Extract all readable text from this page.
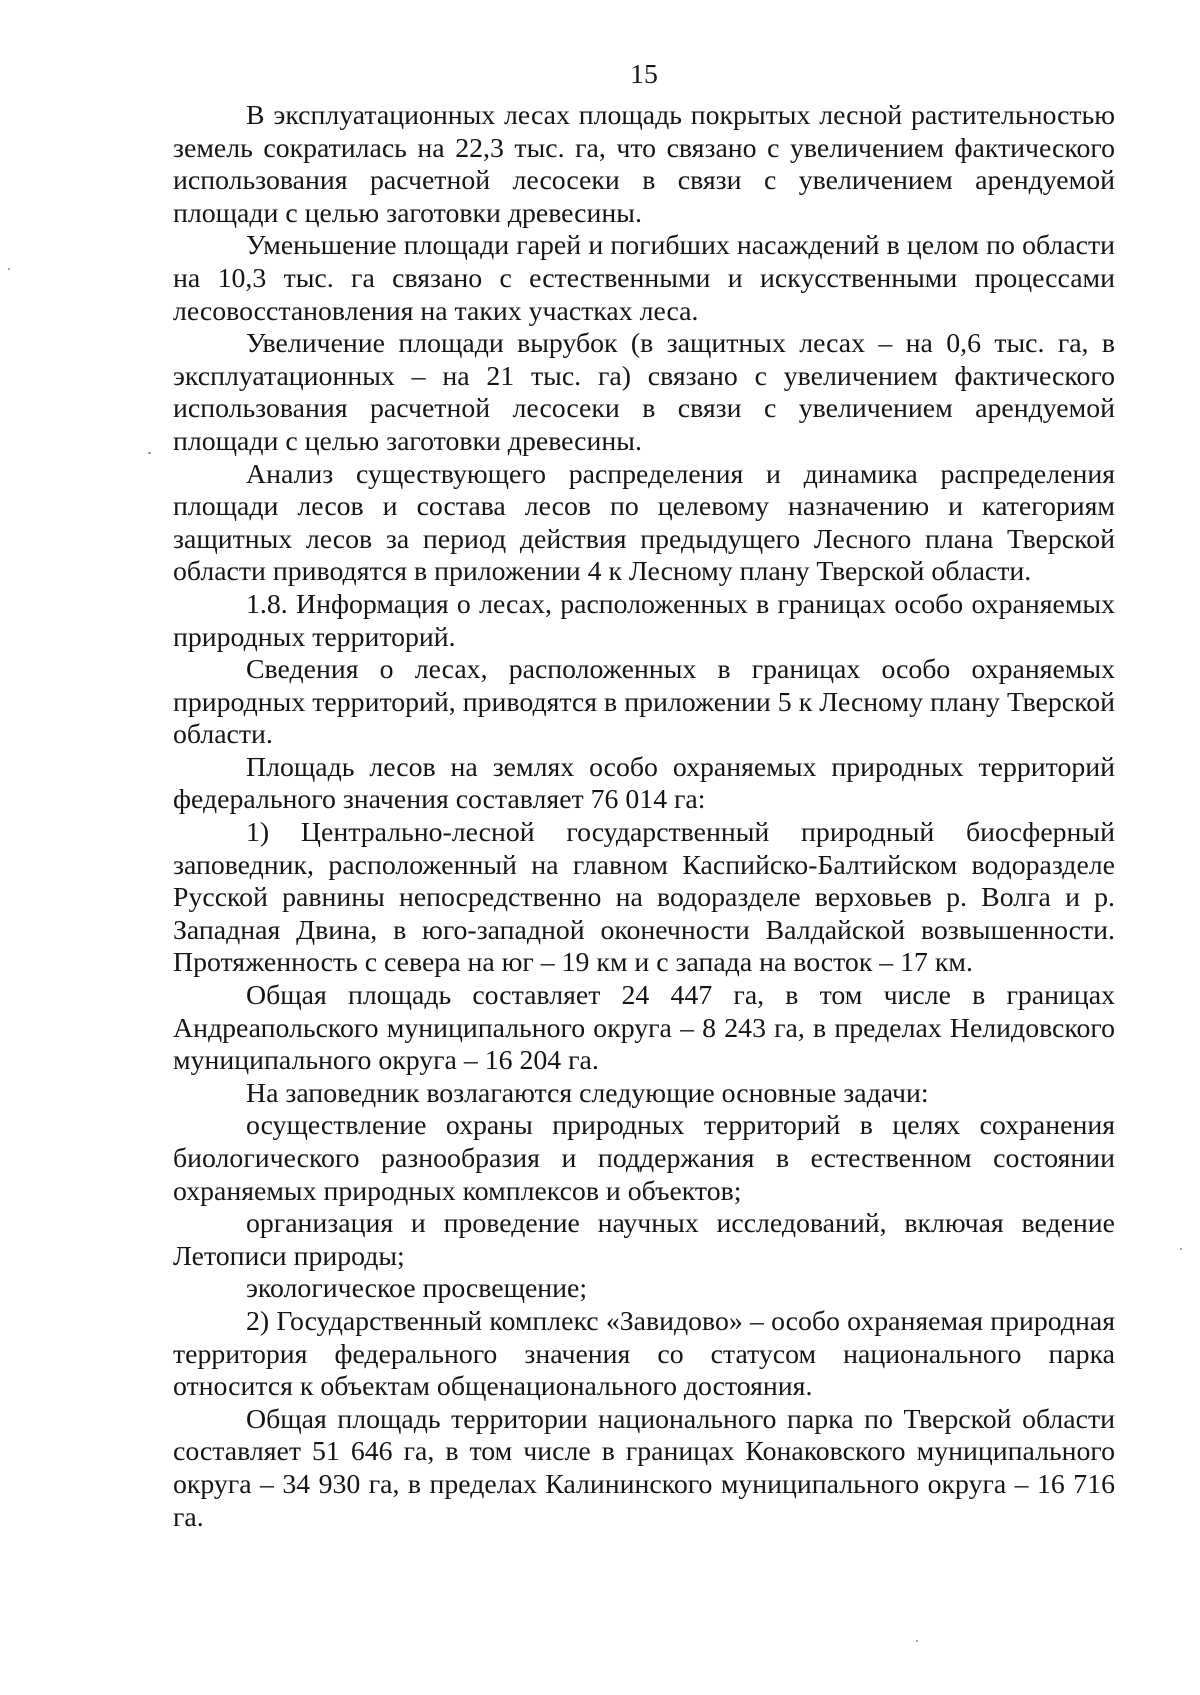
15

В эксплуатационных лесах площадь покрытых лесной растительностью земель сократилась на 22,3 тыс. га, что связано с увеличением фактического использования расчетной лесосеки в связи с увеличением арендуемой площади с целью заготовки древесины.

Уменьшение площади гарей и погибших насаждений в целом по области на 10,3 тыс. га связано с естественными и искусственными процессами лесовосстановления на таких участках леса.

Увеличение площади вырубок (в защитных лесах – на 0,6 тыс. га, в эксплуатационных – на 21 тыс. га) связано с увеличением фактического использования расчетной лесосеки в связи с увеличением арендуемой площади с целью заготовки древесины.

Анализ существующего распределения и динамика распределения площади лесов и состава лесов по целевому назначению и категориям защитных лесов за период действия предыдущего Лесного плана Тверской области приводятся в приложении 4 к Лесному плану Тверской области.

1.8. Информация о лесах, расположенных в границах особо охраняемых природных территорий.

Сведения о лесах, расположенных в границах особо охраняемых природных территорий, приводятся в приложении 5 к Лесному плану Тверской области.

Площадь лесов на землях особо охраняемых природных территорий федерального значения составляет 76 014 га:

1) Центрально-лесной государственный природный биосферный заповедник, расположенный на главном Каспийско-Балтийском водоразделе Русской равнины непосредственно на водоразделе верховьев р. Волга и р. Западная Двина, в юго-западной оконечности Валдайской возвышенности. Протяженность с севера на юг – 19 км и с запада на восток – 17 км.

Общая площадь составляет 24 447 га, в том числе в границах Андреапольского муниципального округа – 8 243 га, в пределах Нелидовского муниципального округа – 16 204 га.

На заповедник возлагаются следующие основные задачи:

осуществление охраны природных территорий в целях сохранения биологического разнообразия и поддержания в естественном состоянии охраняемых природных комплексов и объектов;

организация и проведение научных исследований, включая ведение Летописи природы;

экологическое просвещение;

2) Государственный комплекс «Завидово» – особо охраняемая природная территория федерального значения со статусом национального парка относится к объектам общенационального достояния.

Общая площадь территории национального парка по Тверской области составляет 51 646 га, в том числе в границах Конаковского муниципального округа – 34 930 га, в пределах Калининского муниципального округа – 16 716 га.
